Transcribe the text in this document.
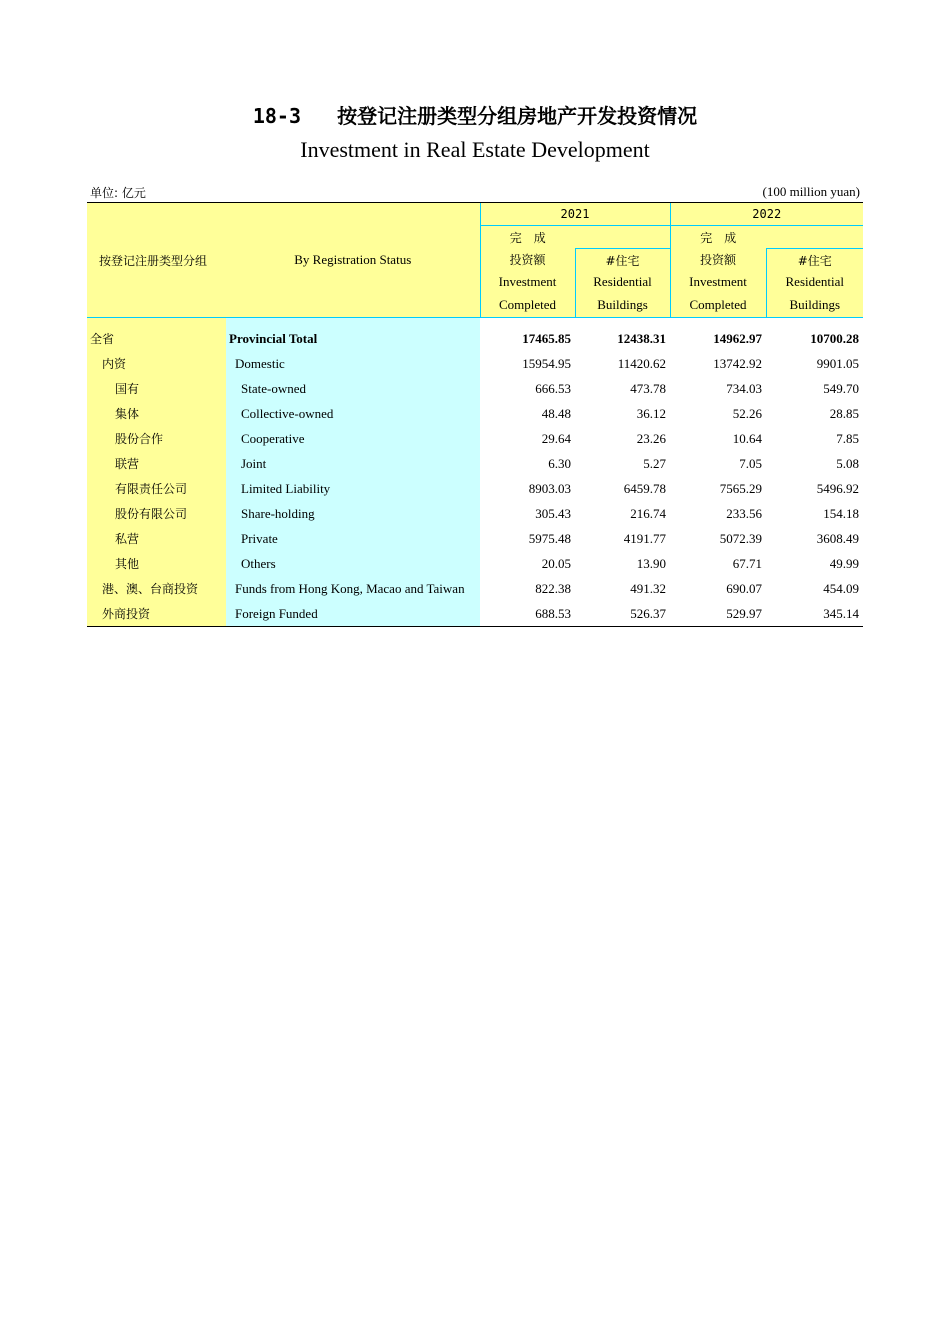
18-3 按登记注册类型分组房地产开发投资情况
Investment in Real Estate Development
单位: 亿元	(100 million yuan)
按登记注册类型分组	By Registration Status	2021		2022	
		完　成		完　成	
		投资额	#住宅	投资额	#住宅
		Investment	Residential	Investment	Residential
		Completed	Buildings	Completed	Buildings

全省	Provincial Total	17465.85	12438.31	14962.97	10700.28
内资	Domestic	15954.95	11420.62	13742.92	9901.05
国有	State-owned	666.53	473.78	734.03	549.70
集体	Collective-owned	48.48	36.12	52.26	28.85
股份合作	Cooperative	29.64	23.26	10.64	7.85
联营	Joint	6.30	5.27	7.05	5.08
有限责任公司	Limited Liability	8903.03	6459.78	7565.29	5496.92
股份有限公司	Share-holding	305.43	216.74	233.56	154.18
私营	Private	5975.48	4191.77	5072.39	3608.49
其他	Others	20.05	13.90	67.71	49.99
港、澳、台商投资	Funds from Hong Kong, Macao and Taiwan	822.38	491.32	690.07	454.09
外商投资	Foreign Funded	688.53	526.37	529.97	345.14
